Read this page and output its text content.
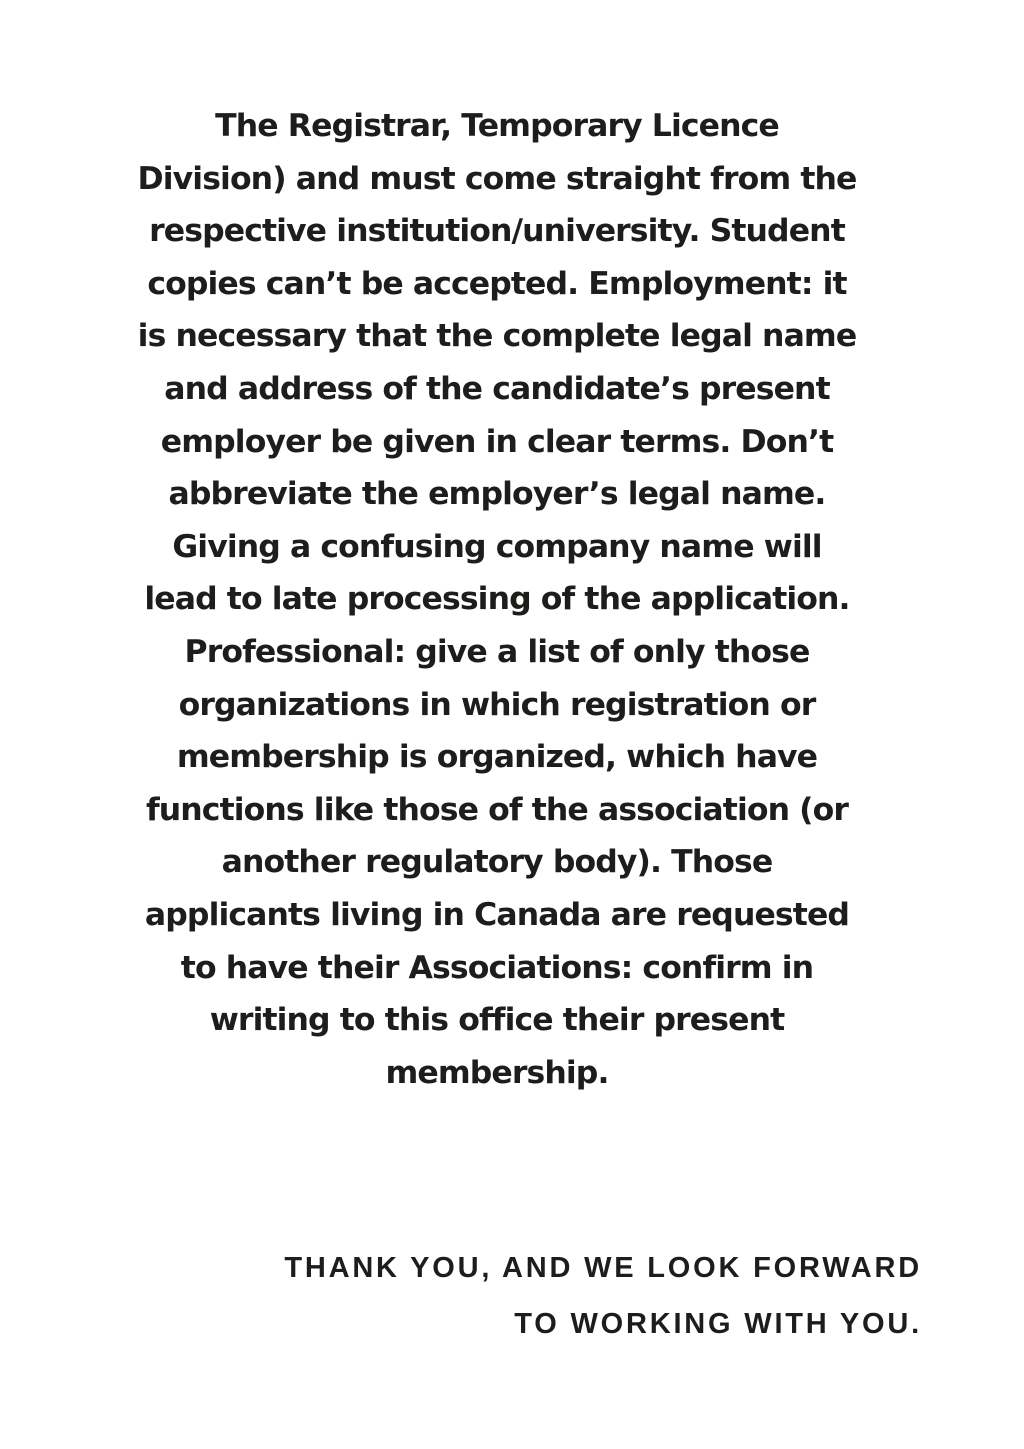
The Registrar, Temporary Licence
Division) and must come straight from the
respective institution/university. Student
copies can’t be accepted. Employment: it
is necessary that the complete legal name
and address of the candidate’s present
employer be given in clear terms. Don’t
abbreviate the employer’s legal name.
Giving a confusing company name will
lead to late processing of the application.
Professional: give a list of only those
organizations in which registration or
membership is organized, which have
functions like those of the association (or
another regulatory body). Those
applicants living in Canada are requested
to have their Associations: confirm in
writing to this office their present
membership.

THANK YOU, AND WE LOOK FORWARD
TO WORKING WITH YOU.
